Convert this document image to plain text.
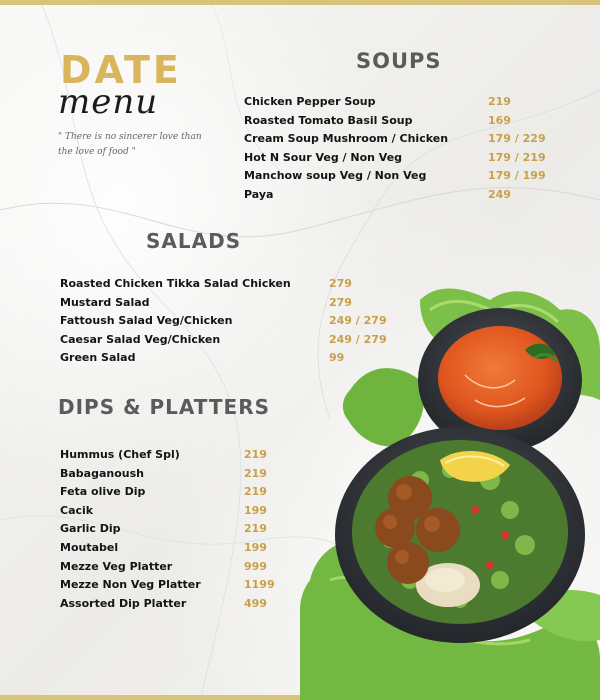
DATE
menu
" There is no sincerer love than the love of food "
SOUPS
Chicken Pepper Soup	219
Roasted Tomato Basil Soup	169
Cream Soup Mushroom / Chicken	179 / 229
Hot N Sour Veg / Non Veg	179 / 219
Manchow soup Veg / Non Veg	179 / 199
Paya	249
SALADS
Roasted Chicken Tikka Salad Chicken	279
Mustard Salad	279
Fattoush Salad Veg/Chicken	249 / 279
Caesar Salad Veg/Chicken	249 / 279
Green Salad	99
DIPS & PLATTERS
Hummus (Chef Spl)	219
Babaganoush	219
Feta olive Dip	219
Cacik	199
Garlic Dip	219
Moutabel	199
Mezze Veg Platter	999
Mezze Non Veg Platter	1199
Assorted Dip Platter	499
